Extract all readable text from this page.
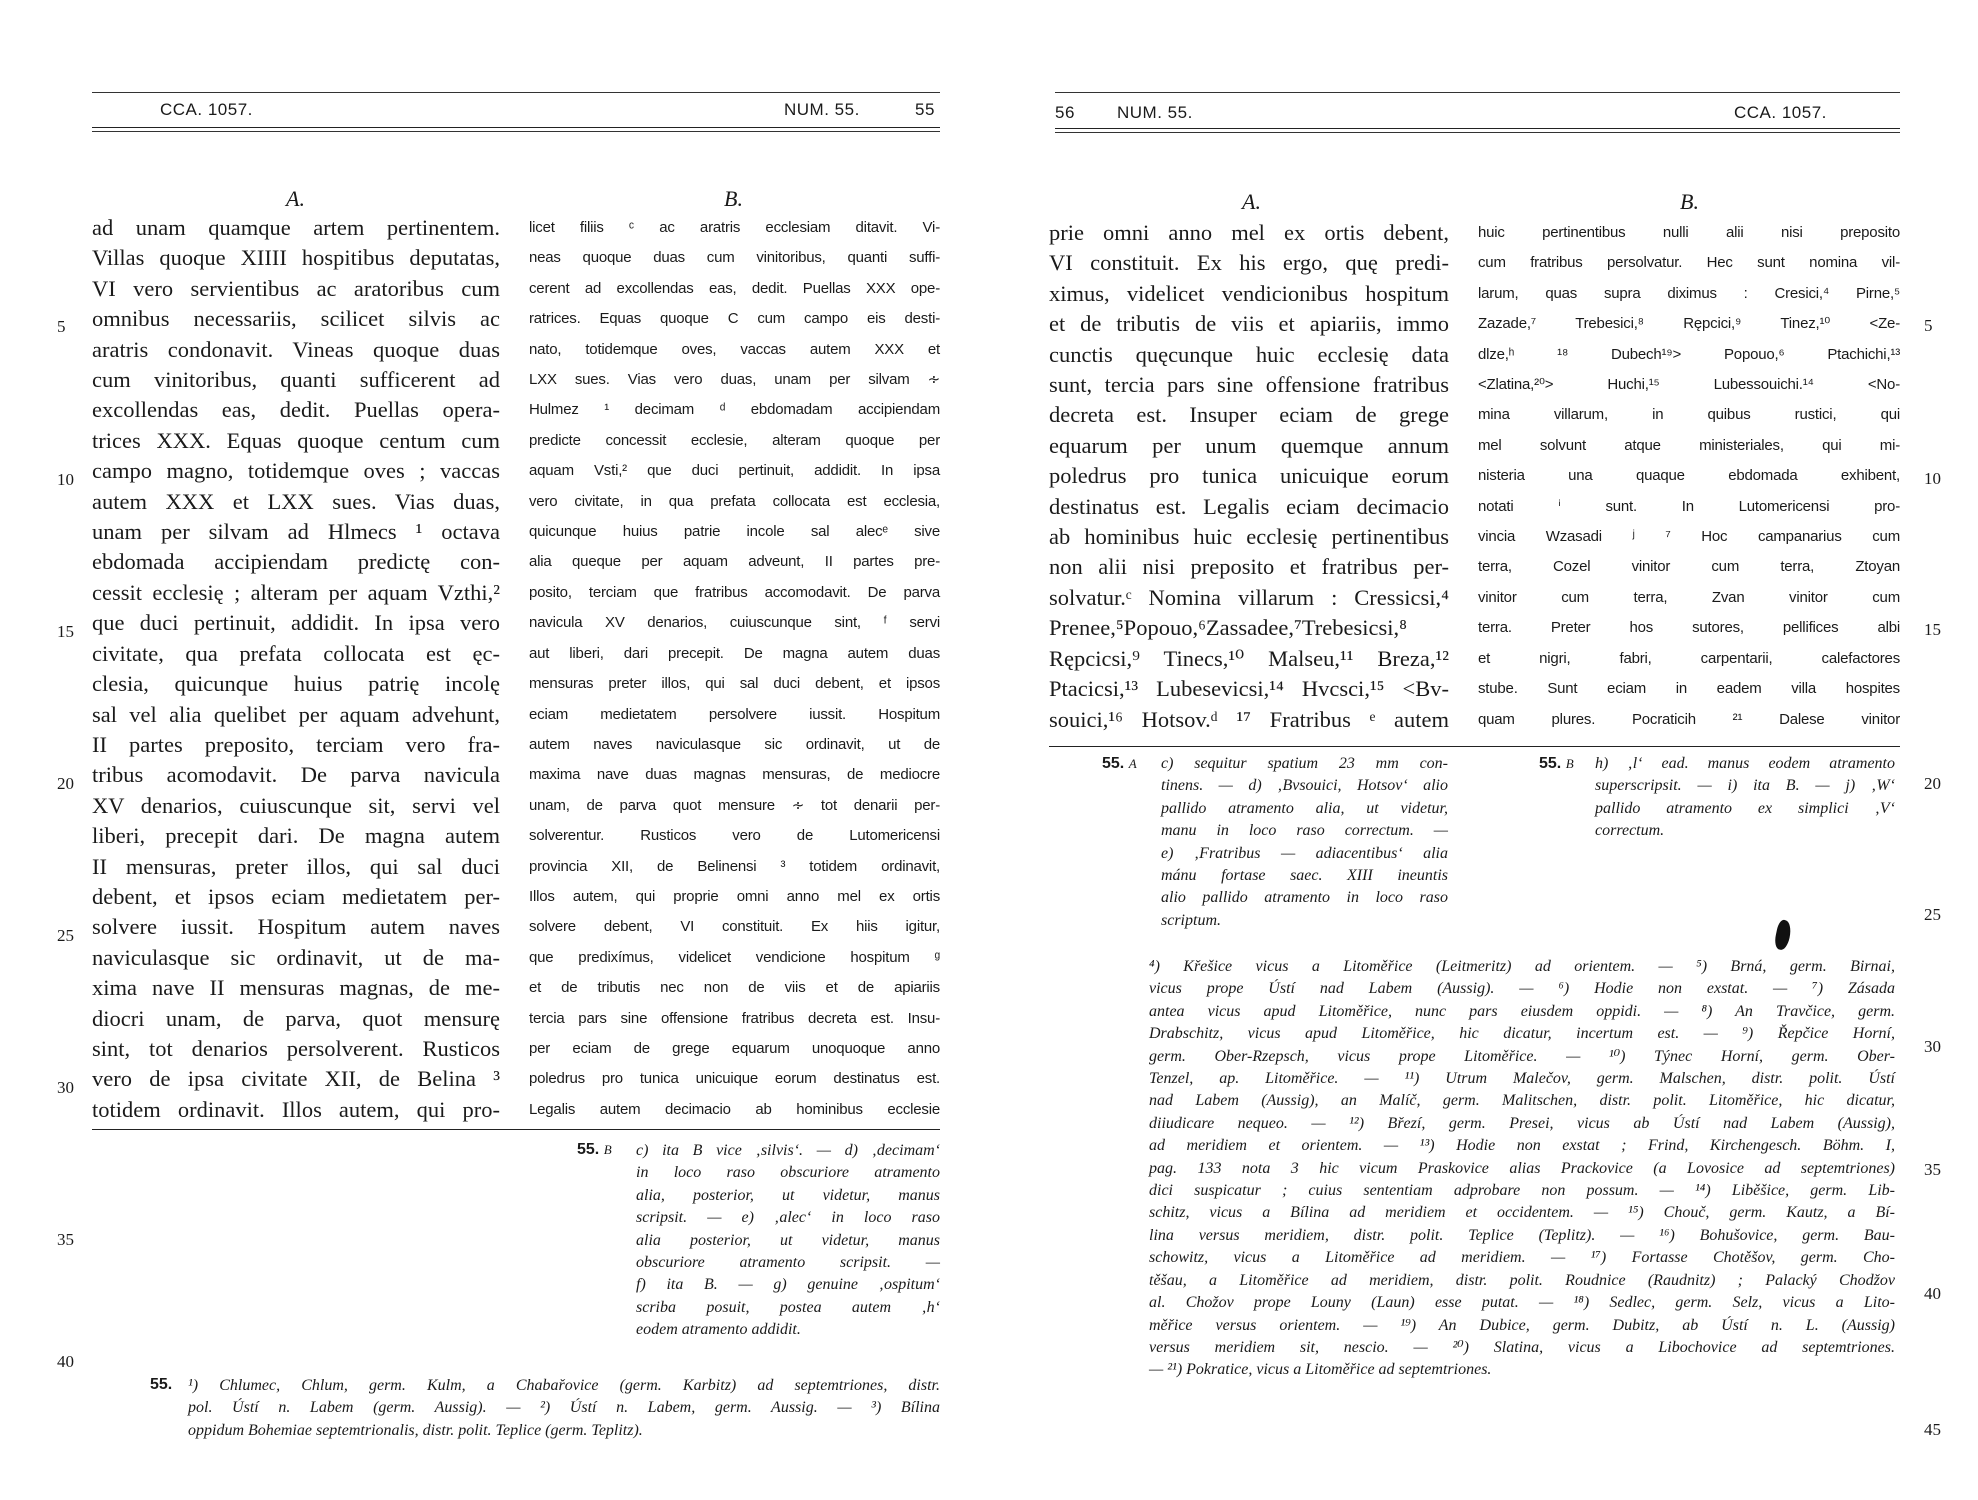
CCA. 1057.	NUM. 55.	55
A.	B.
ad unam quamque artem pertinentem.
Villas quoque XIIII hospitibus deputatas,
VI vero servientibus ac aratoribus cum
omnibus necessariis, scilicet silvis ac
aratris condonavit. Vineas quoque duas
cum vinitoribus, quanti sufficerent ad
excollendas eas, dedit. Puellas opera-
trices XXX. Equas quoque centum cum
campo magno, totidemque oves ; vaccas
autem XXX et LXX sues. Vias duas,
unam per silvam ad Hlmecs ¹ octava
ebdomada accipiendam predictę con-
cessit ecclesię ; alteram per aquam Vzthi,²
que duci pertinuit, addidit. In ipsa vero
civitate, qua prefata collocata est ęc-
clesia, quicunque huius patrię incolę
sal vel alia quelibet per aquam advehunt,
II partes preposito, terciam vero fra-
tribus acomodavit. De parva navicula
XV denarios, cuiuscunque sit, servi vel
liberi, precepit dari. De magna autem
II mensuras, preter illos, qui sal duci
debent, et ipsos eciam medietatem per-
solvere iussit. Hospitum autem naves
naviculasque sic ordinavit, ut de ma-
xima nave II mensuras magnas, de me-
diocri unam, de parva, quot mensurę
sint, tot denarios persolverent. Rusticos
vero de ipsa civitate XII, de Belina ³
totidem ordinavit. Illos autem, qui pro-
licet filiis ᶜ ac aratris ecclesiam ditavit. Vi-
neas quoque duas cum vinitoribus, quanti suffi-
cerent ad excollendas eas, dedit. Puellas XXX ope-
ratrices. Equas quoque C cum campo eis desti-
nato, totidemque oves, vaccas autem XXX et
LXX sues. Vias vero duas, unam per silvam ∻
Hulmez ¹ decimam ᵈ ebdomadam accipiendam
predicte concessit ecclesie, alteram quoque per
aquam Vsti,² que duci pertinuit, addidit. In ipsa
vero civitate, in qua prefata collocata est ecclesia,
quicunque huius patrie incole sal alecᵉ sive
alia queque per aquam adveunt, II partes pre-
posito, terciam que fratribus accomodavit. De parva
navicula XV denarios, cuiuscunque sint, ᶠ servi
aut liberi, dari precepit. De magna autem duas
mensuras preter illos, qui sal duci debent, et ipsos
eciam medietatem persolvere iussit. Hospitum
autem naves naviculasque sic ordinavit, ut de
maxima nave duas magnas mensuras, de mediocre
unam, de parva quot mensure ∻ tot denarii per-
solverentur. Rusticos vero de Lutomericensi
provincia XII, de Belinensi ³ totidem ordinavit,
Illos autem, qui proprie omni anno mel ex ortis
solvere debent, VI constituit. Ex hiis igitur,
que predixímus, videlicet vendicione hospitum ᵍ
et de tributis nec non de viis et de apiariis
tercia pars sine offensione fratribus decreta est. Insu-
per eciam de grege equarum unoquoque anno
poledrus pro tunica unicuique eorum destinatus est.
Legalis autem decimacio ab hominibus ecclesie
5
10
15
20
25
30
35
40
55. B c) ita B vice ‚silvis‘. — d) ‚decimam‘
in loco raso obscuriore atramento
alia, posterior, ut videtur, manus
scripsit. — e) ‚alec‘ in loco raso
alia posterior, ut videtur, manus
obscuriore atramento scripsit. —
f) ita B. — g) genuine ‚ospitum‘
scriba posuit, postea autem ‚h‘
eodem atramento addidit.
55. ¹) Chlumec, Chlum, germ. Kulm, a Chabařovice (germ. Karbitz) ad septemtriones, distr.
pol. Ústí n. Labem (germ. Aussig). — ²) Ústí n. Labem, germ. Aussig. — ³) Bílina
oppidum Bohemiae septemtrionalis, distr. polit. Teplice (germ. Teplitz).
56 NUM. 55.	CCA. 1057.
A.	B.
prie omni anno mel ex ortis debent,
VI constituit. Ex his ergo, quę predi-
ximus, videlicet vendicionibus hospitum
et de tributis de viis et apiariis, immo
cunctis quęcunque huic ecclesię data
sunt, tercia pars sine offensione fratribus
decreta est. Insuper eciam de grege
equarum per unum quemque annum
poledrus pro tunica unicuique eorum
destinatus est. Legalis eciam decimacio
ab hominibus huic ecclesię pertinentibus
non alii nisi preposito et fratribus per-
solvatur.ᶜ Nomina villarum : Cressicsi,⁴
Prenee,⁵Popouo,⁶Zassadee,⁷Trebesicsi,⁸
Rępcicsi,⁹ Tinecs,¹⁰ Malseu,¹¹ Breza,¹²
Ptacicsi,¹³ Lubesevicsi,¹⁴ Hvcsci,¹⁵ <Bv-
souici,¹⁶ Hotsov.ᵈ ¹⁷ Fratribus ᵉ autem
huic pertinentibus nulli alii nisi preposito
cum fratribus persolvatur. Hec sunt nomina vil-
larum, quas supra diximus : Cresici,⁴ Pirne,⁵
Zazade,⁷ Trebesici,⁸ Rępcici,⁹ Tinez,¹⁰ <Ze-
dlze,ʰ ¹⁸ Dubech¹⁹> Popouo,⁶ Ptachichi,¹³
<Zlatina,²⁰> Huchi,¹⁵ Lubessouichi.¹⁴ <No-
mina villarum, in quibus rustici, qui
mel solvunt atque ministeriales, qui mi-
nisteria una quaque ebdomada exhibent,
notati ⁱ sunt. In Lutomericensi pro-
vincia Wzasadi ʲ ⁷ Hoc campanarius cum
terra, Cozel vinitor cum terra, Ztoyan
vinitor cum terra, Zvan vinitor cum
terra. Preter hos sutores, pellifices albi
et nigri, fabri, carpentarii, calefactores
stube. Sunt eciam in eadem villa hospites
quam plures. Pocraticih ²¹ Dalese vinitor
5
10
15
20
25
30
35
40
45
55. A c) sequitur spatium 23 mm con-
tinens. — d) ‚Bvsouici, Hotsov‘ alio
pallido atramento alia, ut videtur,
manu in loco raso correctum. —
e) ‚Fratribus — adiacentibus‘ alia
mánu fortase saec. XIII ineuntis
alio pallido atramento in loco raso
scriptum.
55. B h) ‚l‘ ead. manus eodem atramento
superscripsit. — i) ita B. — j) ‚W‘
pallido atramento ex simplici ‚V‘
correctum.
⁴) Křešice vicus a Litoměřice (Leitmeritz) ad orientem. — ⁵) Brná, germ. Birnai,
vicus prope Ústí nad Labem (Aussig). — ⁶) Hodie non exstat. — ⁷) Zásada
antea vicus apud Litoměřice, nunc pars eiusdem oppidi. — ⁸) An Travčice, germ.
Drabschitz, vicus apud Litoměřice, hic dicatur, incertum est. — ⁹) Řepčice Horní,
germ. Ober-Rzepsch, vicus prope Litoměřice. — ¹⁰) Týnec Horní, germ. Ober-
Tenzel, ap. Litoměřice. — ¹¹) Utrum Malečov, germ. Malschen, distr. polit. Ústí
nad Labem (Aussig), an Malíč, germ. Malitschen, distr. polit. Litoměřice, hic dicatur,
diiudicare nequeo. — ¹²) Březí, germ. Presei, vicus ab Ústí nad Labem (Aussig),
ad meridiem et orientem. — ¹³) Hodie non exstat ; Frind, Kirchengesch. Böhm. I,
pag. 133 nota 3 hic vicum Praskovice alias Prackovice (a Lovosice ad septemtriones)
dici suspicatur ; cuius sententiam adprobare non possum. — ¹⁴) Liběšice, germ. Lib-
schitz, vicus a Bílina ad meridiem et occidentem. — ¹⁵) Chouč, germ. Kautz, a Bí-
lina versus meridiem, distr. polit. Teplice (Teplitz). — ¹⁶) Bohušovice, germ. Bau-
schowitz, vicus a Litoměřice ad meridiem. — ¹⁷) Fortasse Chotěšov, germ. Cho-
těšau, a Litoměřice ad meridiem, distr. polit. Roudnice (Raudnitz) ; Palacký Chodžov
al. Chožov prope Louny (Laun) esse putat. — ¹⁸) Sedlec, germ. Selz, vicus a Lito-
měřice versus orientem. — ¹⁹) An Dubice, germ. Dubitz, ab Ústí n. L. (Aussig)
versus meridiem sit, nescio. — ²⁰) Slatina, vicus a Libochovice ad septemtriones.
— ²¹) Pokratice, vicus a Litoměřice ad septemtriones.
